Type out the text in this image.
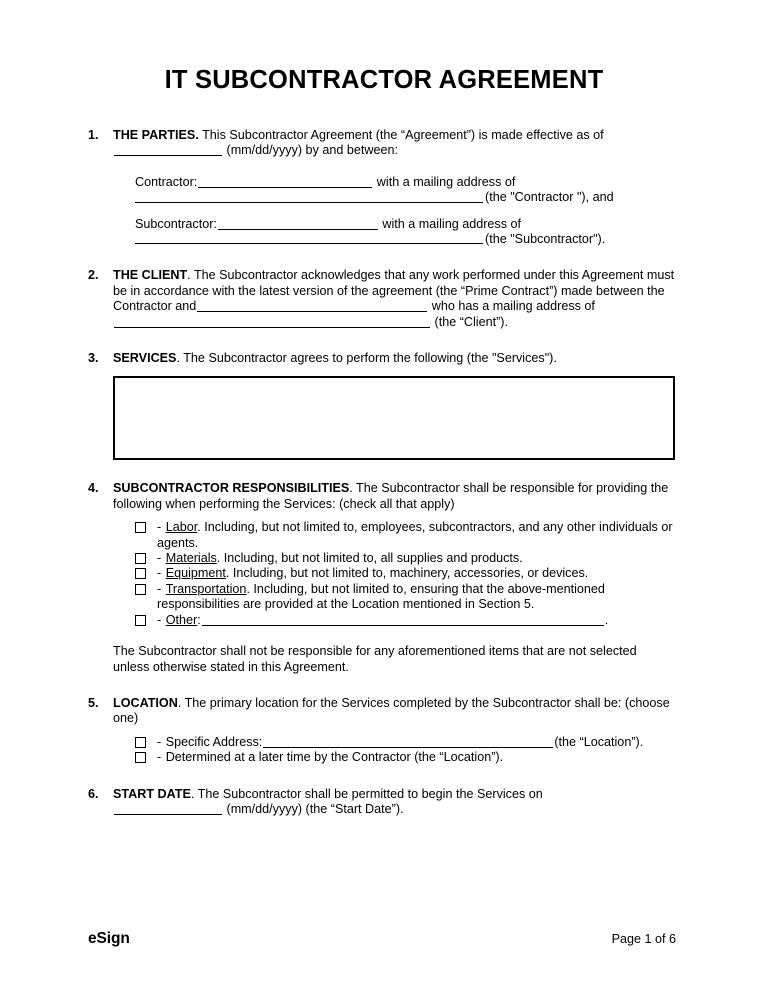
IT SUBCONTRACTOR AGREEMENT
1.	THE PARTIES. This Subcontractor Agreement (the “Agreement”) is made effective as of
(mm/dd/yyyy) by and between:
Contractor:	with a mailing address of
(the "Contractor "), and
Subcontractor:	with a mailing address of
(the "Subcontractor").
2.	THE CLIENT. The Subcontractor acknowledges that any work performed under this Agreement must be in accordance with the latest version of the agreement (the “Prime Contract”) made between the Contractor and	who has a mailing address of (the “Client”).
3.	SERVICES. The Subcontractor agrees to perform the following (the "Services").
4.	SUBCONTRACTOR RESPONSIBILITIES. The Subcontractor shall be responsible for providing the following when performing the Services: (check all that apply)
- Labor. Including, but not limited to, employees, subcontractors, and any other individuals or agents.
- Materials. Including, but not limited to, all supplies and products.
- Equipment. Including, but not limited to, machinery, accessories, or devices.
- Transportation. Including, but not limited to, ensuring that the above-mentioned responsibilities are provided at the Location mentioned in Section 5.
- Other:	.
The Subcontractor shall not be responsible for any aforementioned items that are not selected unless otherwise stated in this Agreement.
5.	LOCATION. The primary location for the Services completed by the Subcontractor shall be: (choose one)
- Specific Address:	(the “Location”).
- Determined at a later time by the Contractor (the “Location”).
6.	START DATE. The Subcontractor shall be permitted to begin the Services on
(mm/dd/yyyy) (the “Start Date”).
eSign	Page 1 of 6
